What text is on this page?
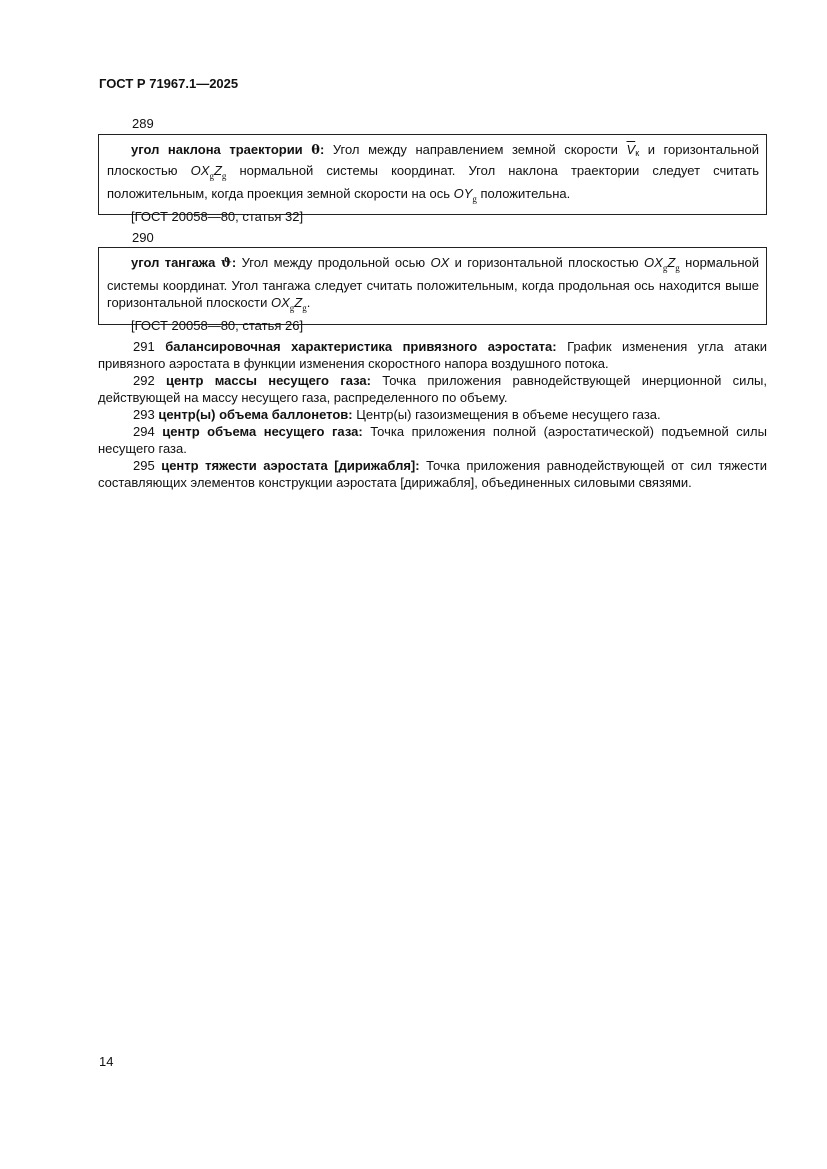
ГОСТ Р 71967.1—2025
289

угол наклона траектории θ: Угол между направлением земной скорости $\overline{V}к$ и горизонтальной плоскостью $OX_gZ_g$ нормальной системы координат. Угол наклона траектории следует считать положительным, когда проекция земной скорости на ось $OY_g$ положительна.

[ГОСТ 20058—80, статья 32]
290

угол тангажа ϑ: Угол между продольной осью OX и горизонтальной плоскостью $OX_gZ_g$ нормальной системы координат. Угол тангажа следует считать положительным, когда продольная ось находится выше горизонтальной плоскости $OX_gZ_g$.

[ГОСТ 20058—80, статья 26]

291 балансировочная характеристика привязного аэростата: График изменения угла атаки привязного аэростата в функции изменения скоростного напора воздушного потока.

292 центр массы несущего газа: Точка приложения равнодействующей инерционной силы, действующей на массу несущего газа, распределенного по объему.

293 центр(ы) объема баллонетов: Центр(ы) газоизмещения в объеме несущего газа.

294 центр объема несущего газа: Точка приложения полной (аэростатической) подъемной силы несущего газа.

295 центр тяжести аэростата [дирижабля]: Точка приложения равнодействующей от сил тяжести составляющих элементов конструкции аэростата [дирижабля], объединенных силовыми связями.

14
